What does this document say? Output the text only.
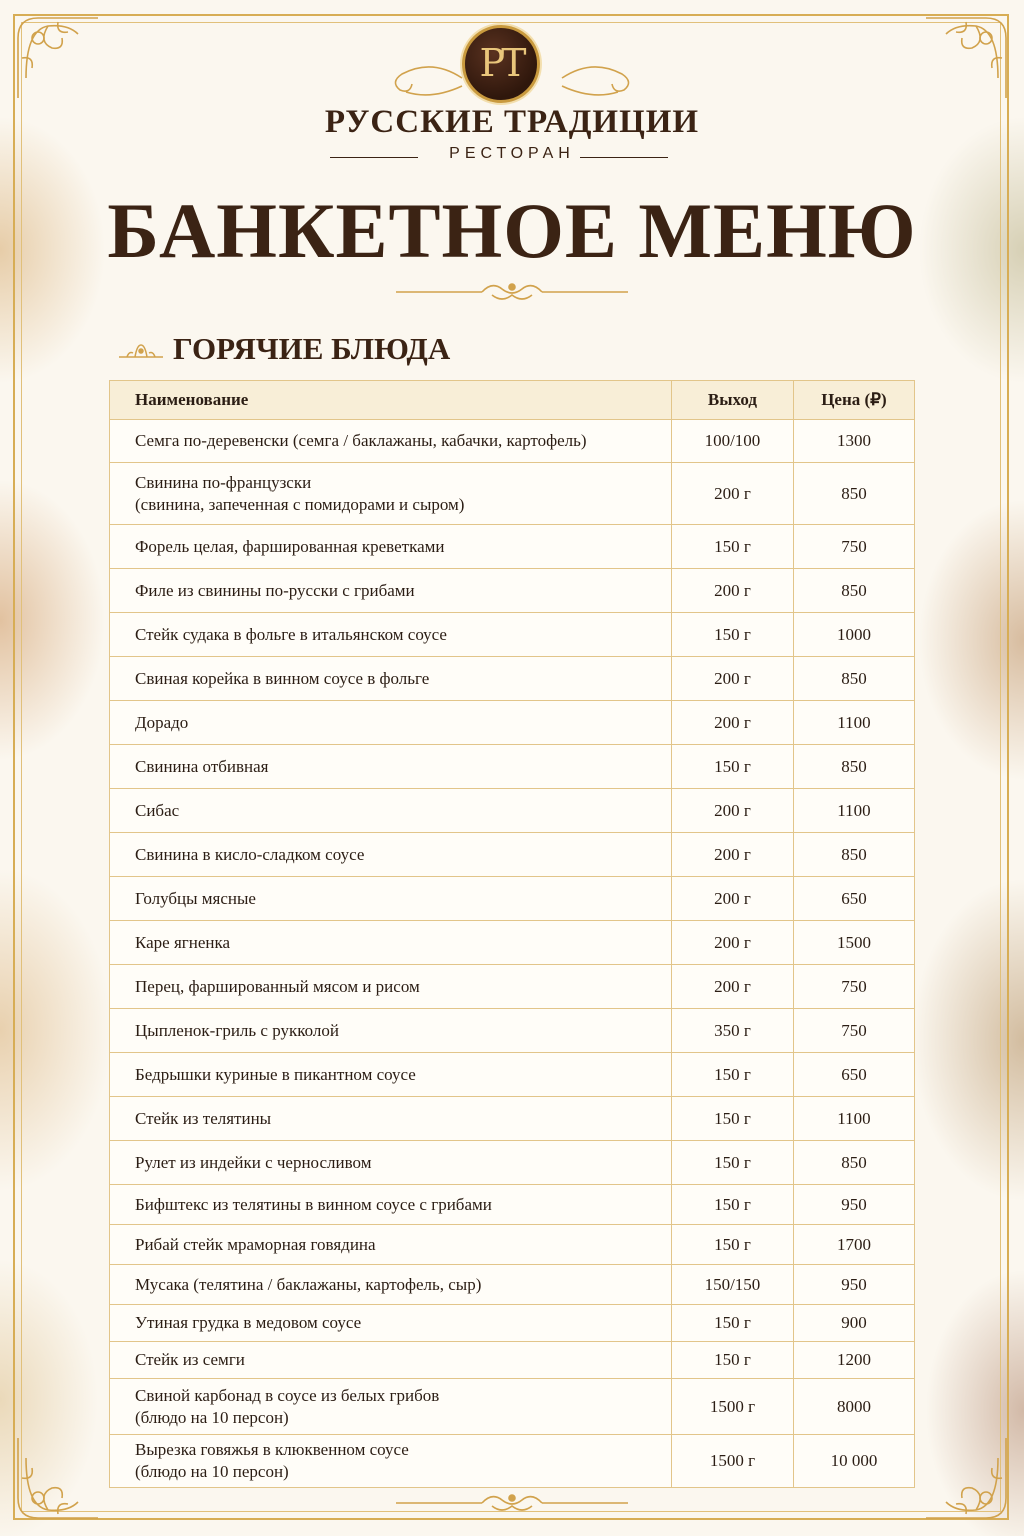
РТ
РУССКИЕ ТРАДИЦИИ
РЕСТОРАН
БАНКЕТНОЕ МЕНЮ
ГОРЯЧИЕ БЛЮДА
Наименование	Выход	Цена (₽)

Семга по-деревенски (семга / баклажаны, кабачки, картофель)	100/100	1300

Свинина по-французски
(свинина, запеченная с помидорами и сыром)	200 г	850

Форель целая, фаршированная креветками	150 г	750

Филе из свинины по-русски с грибами	200 г	850

Стейк судака в фольге в итальянском соусе	150 г	1000

Свиная корейка в винном соусе в фольге	200 г	850

Дорадо	200 г	1100

Свинина отбивная	150 г	850

Сибас	200 г	1100

Свинина в кисло-сладком соусе	200 г	850

Голубцы мясные	200 г	650

Каре ягненка	200 г	1500

Перец, фаршированный мясом и рисом	200 г	750

Цыпленок-гриль с рукколой	350 г	750

Бедрышки куриные в пикантном соусе	150 г	650

Стейк из телятины	150 г	1100

Рулет из индейки с черносливом	150 г	850

Бифштекс из телятины в винном соусе с грибами	150 г	950

Рибай стейк мраморная говядина	150 г	1700

Мусака (телятина / баклажаны, картофель, сыр)	150/150	950

Утиная грудка в медовом соусе	150 г	900

Стейк из семги	150 г	1200

Свиной карбонад в соусе из белых грибов
(блюдо на 10 персон)	1500 г	8000

Вырезка говяжья в клюквенном соусе
(блюдо на 10 персон)	1500 г	10 000
